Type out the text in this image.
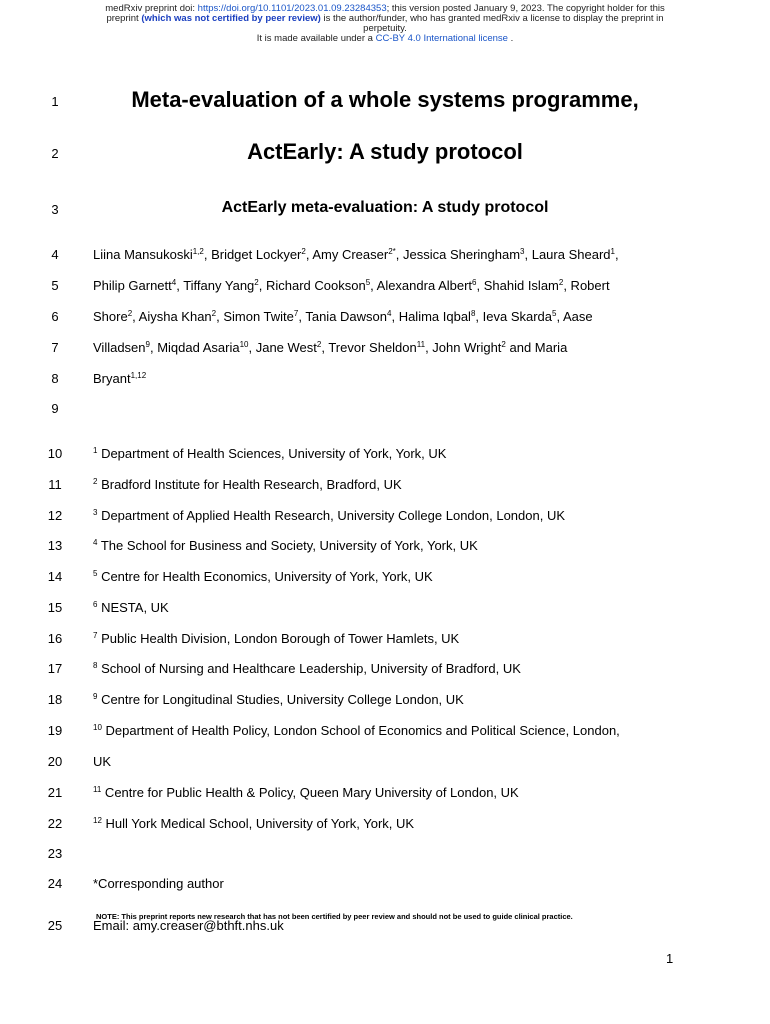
medRxiv preprint doi: https://doi.org/10.1101/2023.01.09.23284353; this version posted January 9, 2023. The copyright holder for this
preprint (which was not certified by peer review) is the author/funder, who has granted medRxiv a license to display the preprint in
perpetuity.
It is made available under a CC-BY 4.0 International license .
1	Meta-evaluation of a whole systems programme,
2	ActEarly: A study protocol
3	ActEarly meta-evaluation: A study protocol
4	Liina Mansukoski$^{1,2}$, Bridget Lockyer$^2$, Amy Creaser$^{2*}$, Jessica Sheringham$^3$, Laura Sheard$^1$,
5	Philip Garnett$^4$, Tiffany Yang$^2$, Richard Cookson$^5$, Alexandra Albert$^6$, Shahid Islam$^2$, Robert
6	Shore$^2$, Aiysha Khan$^2$, Simon Twite$^7$, Tania Dawson$^4$, Halima Iqbal$^8$, Ieva Skarda$^5$, Aase
7	Villadsen$^9$, Miqdad Asaria$^{10}$, Jane West$^2$, Trevor Sheldon$^{11}$, John Wright$^2$ and Maria
8	Bryant$^{1,12}$
9
10	$^1$ Department of Health Sciences, University of York, York, UK
11	$^2$ Bradford Institute for Health Research, Bradford, UK
12	$^3$ Department of Applied Health Research, University College London, London, UK
13	$^4$ The School for Business and Society, University of York, York, UK
14	$^5$ Centre for Health Economics, University of York, York, UK
15	$^6$ NESTA, UK
16	$^7$ Public Health Division, London Borough of Tower Hamlets, UK
17	$^8$ School of Nursing and Healthcare Leadership, University of Bradford, UK
18	$^9$ Centre for Longitudinal Studies, University College London, UK
19	$^{10}$ Department of Health Policy, London School of Economics and Political Science, London,
20	UK
21	$^{11}$ Centre for Public Health & Policy, Queen Mary University of London, UK
22	$^{12}$ Hull York Medical School, University of York, York, UK
23
24	*Corresponding author
25	Email: amy.creaser@bthft.nhs.uk
NOTE: This preprint reports new research that has not been certified by peer review and should not be used to guide clinical practice.
1
